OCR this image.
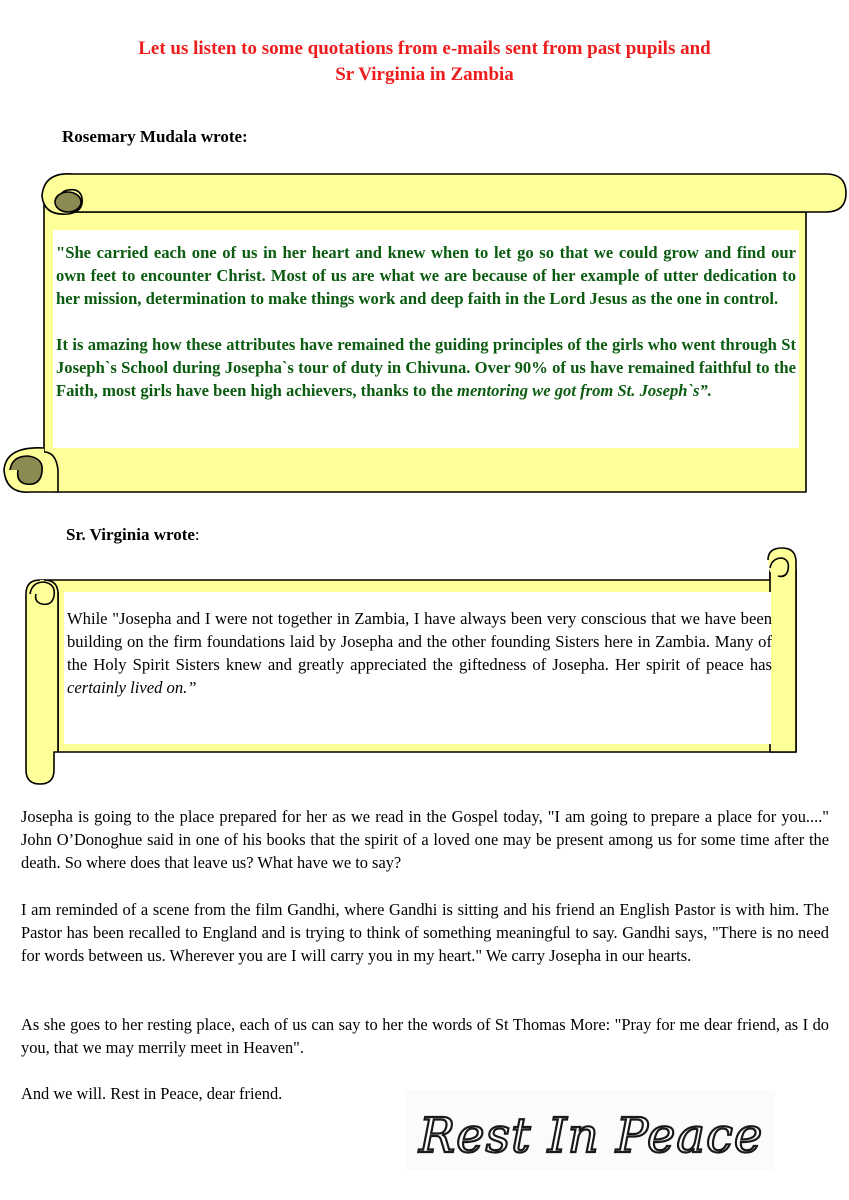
Let us listen to some quotations from e-mails sent from past pupils and
Sr Virginia in Zambia
Rosemary Mudala wrote:

"She carried each one of us in her heart and knew when to let go so that we could grow and find our own feet to encounter Christ. Most of us are what we are because of her example of utter dedication to her mission, determination to make things work and deep faith in the Lord Jesus as the one in control.

It is amazing how these attributes have remained the guiding principles of the girls who went through St Joseph`s School during Josepha`s tour of duty in Chivuna. Over 90% of us have remained faithful to the Faith, most girls have been high achievers, thanks to the mentoring we got from St. Joseph`s”.

Sr. Virginia wrote:
While "Josepha and I were not together in Zambia, I have always been very conscious that we have been building on the firm foundations laid by Josepha and the other founding Sisters here in Zambia. Many of the Holy Spirit Sisters knew and greatly appreciated the giftedness of Josepha. Her spirit of peace has certainly lived on.”
Josepha is going to the place prepared for her as we read in the Gospel today, "I am going to prepare a place for you...." John O’Donoghue said in one of his books that the spirit of a loved one may be present among us for some time after the death. So where does that leave us? What have we to say?
I am reminded of a scene from the film Gandhi, where Gandhi is sitting and his friend an English Pastor is with him. The Pastor has been recalled to England and is trying to think of something meaningful to say. Gandhi says, "There is no need for words between us. Wherever you are I will carry you in my heart." We carry Josepha in our hearts.
As she goes to her resting place, each of us can say to her the words of St Thomas More: "Pray for me dear friend, as I do you, that we may merrily meet in Heaven".
And we will. Rest in Peace, dear friend.
Rest In Peace
